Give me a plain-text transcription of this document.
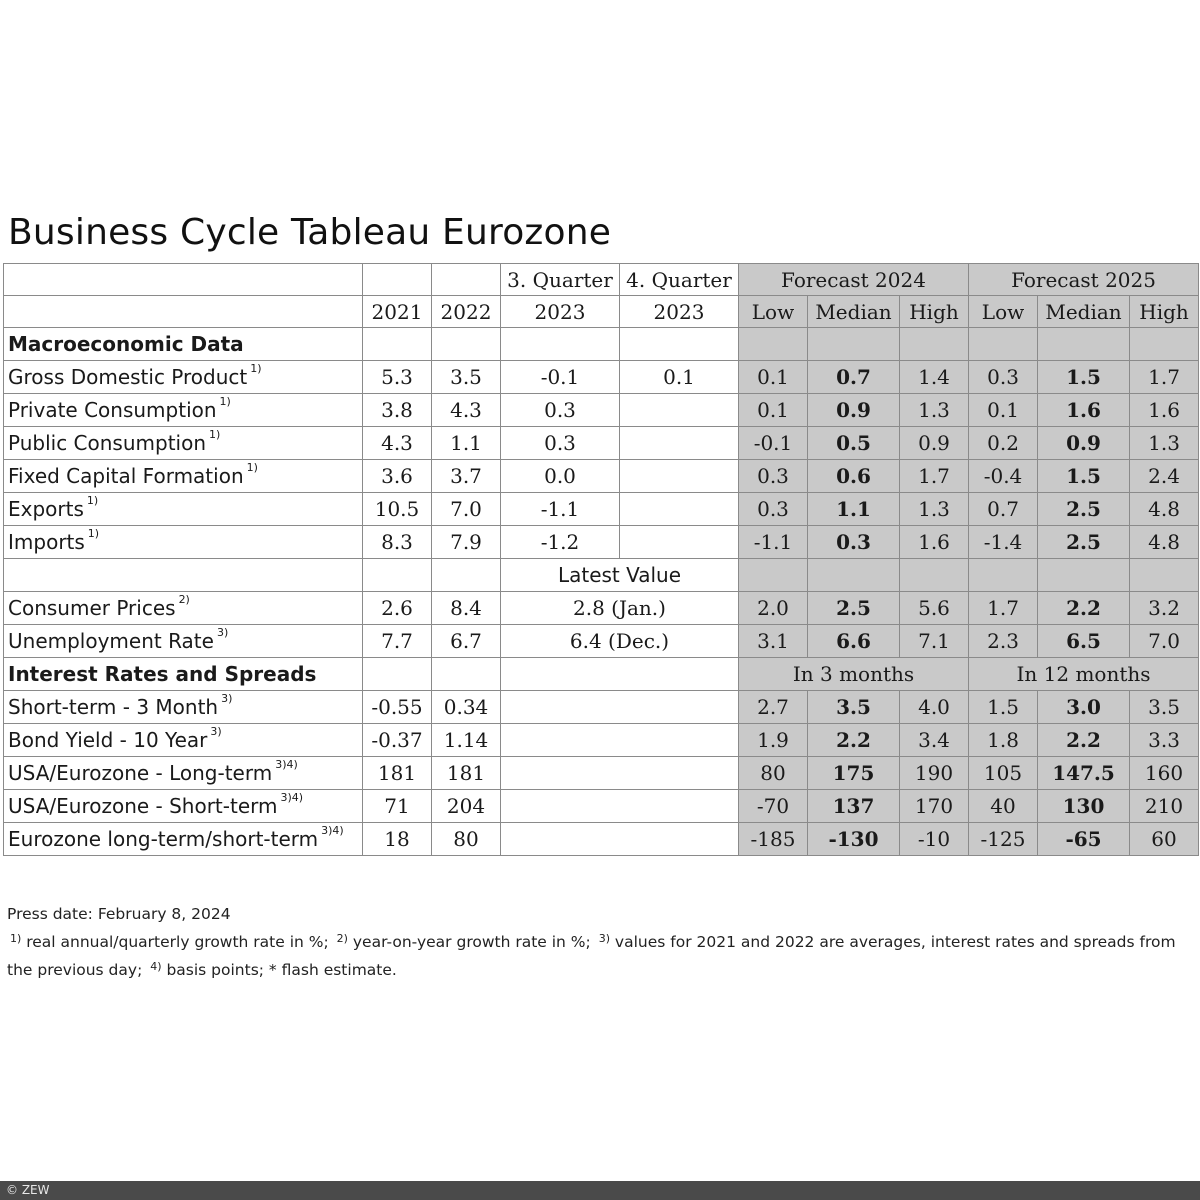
Business Cycle Tableau Eurozone
			3. Quarter	4. Quarter	Forecast 2024			Forecast 2025		
	2021	2022	2023	2023	Low	Median	High	Low	Median	High
Macroeconomic Data										
Gross Domestic Product $^{1)}$	5.3	3.5	-0.1	0.1	0.1	0.7	1.4	0.3	1.5	1.7
Private Consumption $^{1)}$	3.8	4.3	0.3		0.1	0.9	1.3	0.1	1.6	1.6
Public Consumption $^{1)}$	4.3	1.1	0.3		-0.1	0.5	0.9	0.2	0.9	1.3
Fixed Capital Formation $^{1)}$	3.6	3.7	0.0		0.3	0.6	1.7	-0.4	1.5	2.4
Exports $^{1)}$	10.5	7.0	-1.1		0.3	1.1	1.3	0.7	2.5	4.8
Imports $^{1)}$	8.3	7.9	-1.2		-1.1	0.3	1.6	-1.4	2.5	4.8
			Latest Value							
Consumer Prices $^{2)}$	2.6	8.4	2.8 (Jan.)		2.0	2.5	5.6	1.7	2.2	3.2
Unemployment Rate $^{3)}$	7.7	6.7	6.4 (Dec.)		3.1	6.6	7.1	2.3	6.5	7.0
Interest Rates and Spreads					In 3 months			In 12 months		
Short-term - 3 Month $^{3)}$	-0.55	0.34			2.7	3.5	4.0	1.5	3.0	3.5
Bond Yield - 10 Year $^{3)}$	-0.37	1.14			1.9	2.2	3.4	1.8	2.2	3.3
USA/Eurozone - Long-term $^{3)4)}$	181	181			80	175	190	105	147.5	160
USA/Eurozone - Short-term $^{3)4)}$	71	204			-70	137	170	40	130	210
Eurozone long-term/short-term $^{3)4)}$	18	80			-185	-130	-10	-125	-65	60
Press date: February 8, 2024
$^{1)}$ real annual/quarterly growth rate in %; $^{2)}$ year-on-year growth rate in %; $^{3)}$ values for 2021 and 2022 are averages, interest rates and spreads from the previous day; $^{4)}$ basis points; * flash estimate.
© ZEW
